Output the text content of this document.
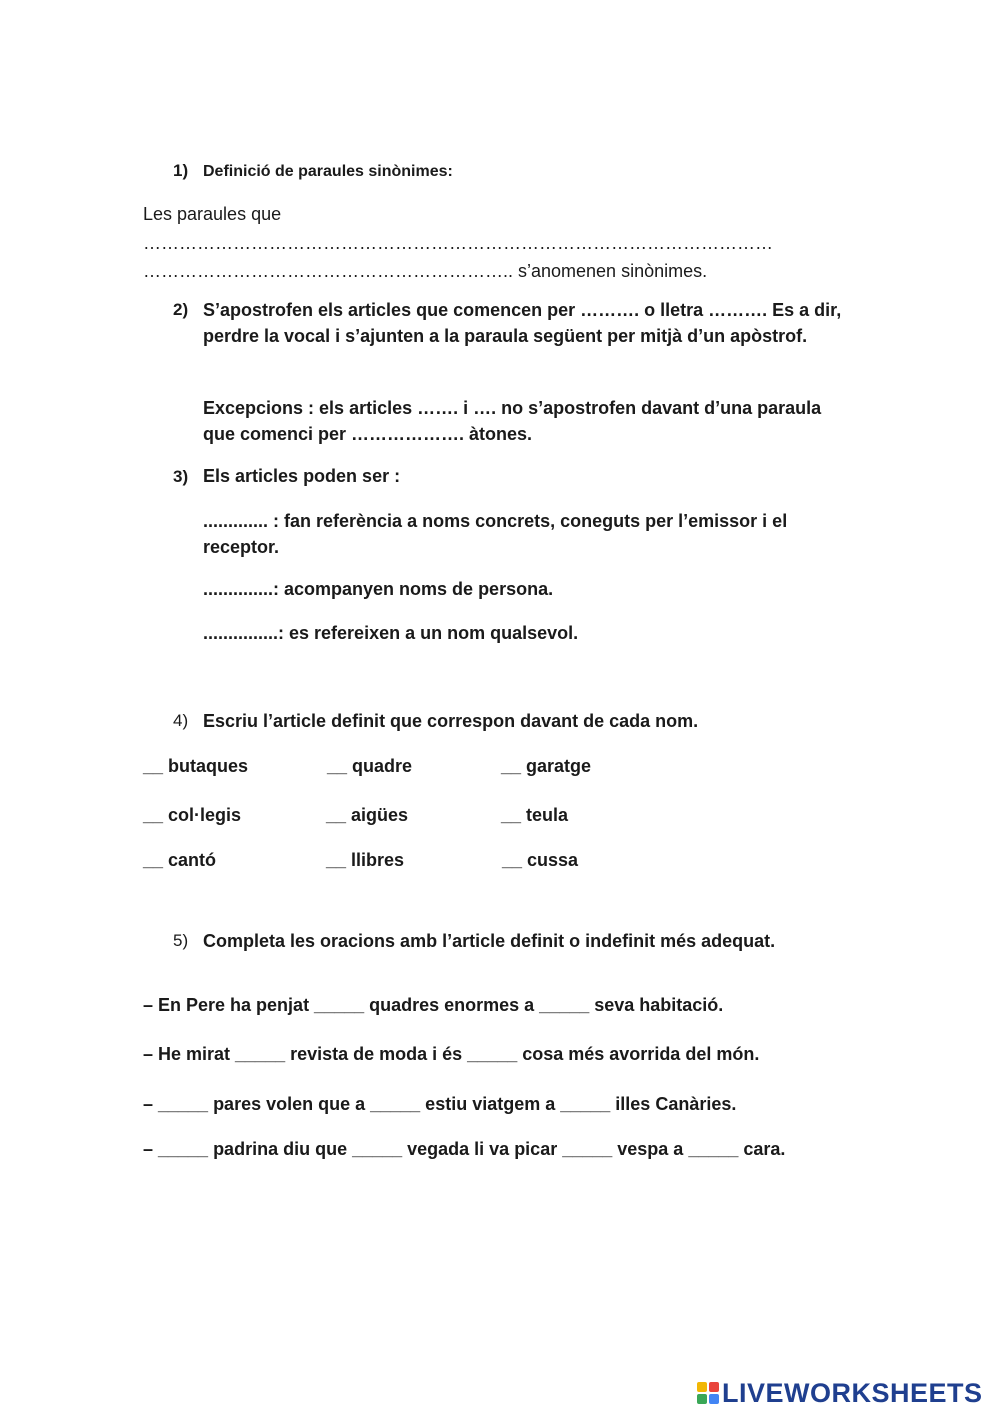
1) Definició de paraules sinònimes:
Les paraules que
……………………………………………………………………………………………
…………………………………………………….. s’anomenen sinònimes.
2) S’apostrofen els articles que comencen per ………. o lletra ………. Es a dir, perdre la vocal i s’ajunten a la paraula següent per mitjà d’un apòstrof.
Excepcions : els articles ……. i …. no s’apostrofen davant d’una paraula que comenci per ………………. àtones.
3) Els articles poden ser :
............. : fan referència a noms concrets, coneguts per l’emissor i el receptor.
..............: acompanyen noms de persona.
...............: es refereixen a un nom qualsevol.
4) Escriu l’article definit que correspon davant de cada nom.
__ butaques	__ quadre	__ garatge
__ col·legis	__ aigües	__ teula
__ cantó	__ llibres	__ cussa
5) Completa les oracions amb l’article definit o indefinit més adequat.
– En Pere ha penjat _____ quadres enormes a _____ seva habitació.
– He mirat _____ revista de moda i és _____ cosa més avorrida del món.
– _____ pares volen que a _____ estiu viatgem a _____ illes Canàries.
– _____ padrina diu que _____ vegada li va picar _____ vespa a _____ cara.
LIVEWORKSHEETS
